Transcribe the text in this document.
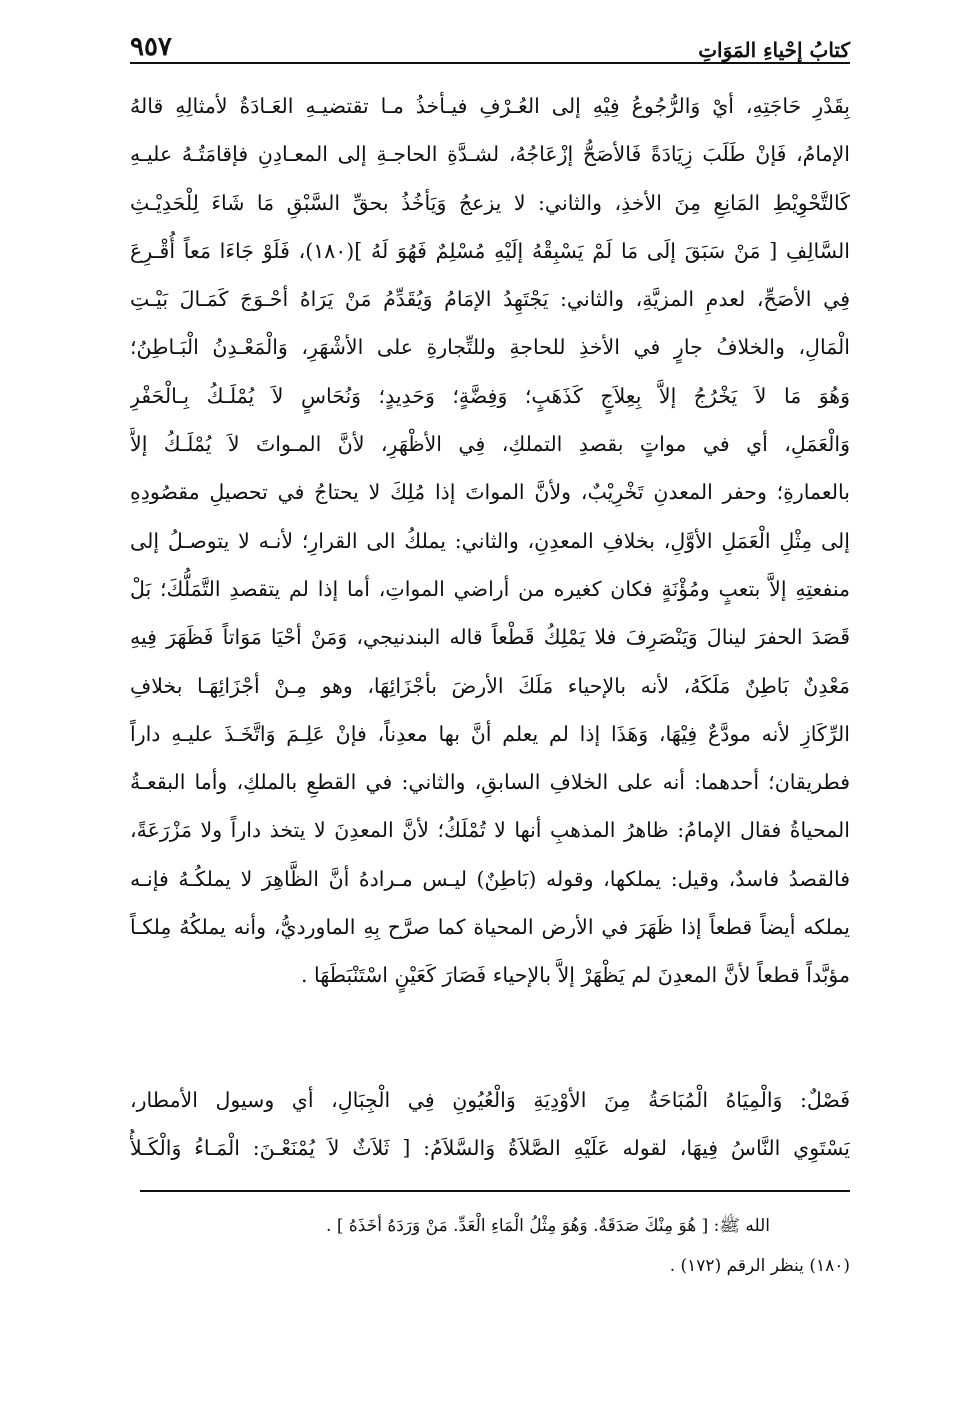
كتابُ إحْياءِ المَوَاتِ
٩٥٧
بِقَدْرِ حَاجَتِهِ، أيْ وَالرُّجُوعُ فِيْهِ إلى العُـرْفِ فيـأخذُ مـا تقتضيـهِ العَـادَةُ لأمثالِهِ قالهُ
الإمامُ، فَإنْ طَلَبَ زِيَادَةً فَالأصَحُّ إزْعَاجُهُ، لشـدَّةِ الحاجـةِ إلى المعـادِنِ فإقامَتُـهُ عليـهِ
كَالتَّحْوِيْطِ المَانِعِ مِنَ الأخذِ، والثاني: لا يزعجُ وَيَأخُذُ بحقِّ السَّبْقِ مَا شَاءَ لِلْحَدِيْـثِ
السَّالِفِ [ مَنْ سَبَقَ إلَى مَا لَمْ يَسْبِقْهُ إلَيْهِ مُسْلِمٌ فَهُوَ لَهُ ](١٨٠)، فَلَوْ جَاءَا مَعاً أُقْـرِعَ
فِي الأصَحِّ، لعدمِ المزيَّةِ، والثاني: يَجْتَهِدُ الإمَامُ وَيُقَدِّمُ مَنْ يَرَاهُ أحْـوَجَ كَمَـالَ بَيْـتِ
الْمَالِ، والخلافُ جارٍ في الأخذِ للحاجةِ وللتِّجارةِ على الأشْهَرِ، وَالْمَعْـدِنُ الْبَـاطِنُ؛
وَهُوَ مَا لاَ يَخْرُجُ إلاَّ بِعِلاَجٍ كَذَهَبٍ؛ وَفِضَّةٍ؛ وَحَدِيدٍ؛ وَنُحَاسٍ لاَ يُمْلَـكُ بِـالْحَفْرِ
وَالْعَمَلِ، أي في مواتٍ بقصدِ التملكِ، فِي الأظْهَرِ، لأنَّ المـواتَ لاَ يُمْلَـكُ إلاَّ
بالعمارةِ؛ وحفر المعدنِ تَخْرِيْبٌ، ولأنَّ المواتَ إذا مُلِكَ لا يحتاجُ في تحصيلِ مقصُودِهِ
إلى مِثْلِ الْعَمَلِ الأوَّلِ، بخلافِ المعدِنِ، والثاني: يملكُ الى القرارِ؛ لأنـه لا يتوصـلُ إلى
منفعتِهِ إلاَّ بتعبٍ ومُؤْنَةٍ فكان كغيره من أراضي المواتِ، أما إذا لم يتقصدِ التَّمَلُّكَ؛ بَلْ
قَصَدَ الحفرَ لينالَ وَيَنْصَرِفَ فلا يَمْلِكُ قَطْعاً قاله البندنيجي، وَمَنْ أحْيَا مَوَاتاً فَظَهَرَ فِيهِ
مَعْدِنٌ بَاطِنٌ مَلَكَهُ، لأنه بالإحياء مَلَكَ الأرضَ بأجْزَائِهَا، وهو مِـنْ أجْزَائِهَـا بخلافِ
الرِّكَازِ لأنه مودَّعٌ فِيْهَا، وَهَذَا إذا لم يعلم أنَّ بها معدِناً، فإنْ عَلِـمَ وَاتَّخَـذَ عليـهِ داراً
فطريقان؛ أحدهما: أنه على الخلافِ السابقِ، والثاني: في القطعِ بالملكِ، وأما البقعـةُ
المحياةُ فقال الإمامُ: ظاهرُ المذهبِ أنها لا تُمْلَكُ؛ لأنَّ المعدِنَ لا يتخذ داراً ولا مَزْرَعَةً،
فالقصدُ فاسدٌ، وقيل: يملكها، وقوله (بَاطِنٌ) ليـس مـرادهُ أنَّ الظَّاهِرَ لا يملكُـهُ فإنـه
يملكه أيضاً قطعاً إذا ظَهَرَ في الأرض المحياة كما صرَّح بِهِ الماورديُّ، وأنه يملكُهُ مِلكـاً
مؤبَّداً قطعاً لأنَّ المعدِنَ لم يَظْهَرْ إلاَّ بالإحياء فَصَارَ كَعَيْنٍ اسْتَنْبَطَهَا .
فَصْلٌ: وَالْمِيَاهُ الْمُبَاحَةُ مِنَ الأوْدِيَةِ وَالْعُيُونِ فِي الْجِبَالِ، أي وسيول الأمطار،
يَسْتَوِي النَّاسُ فِيهَا، لقوله عَلَيْهِ الصَّلاَةُ وَالسَّلاَمُ: [ ثَلاَثٌ لاَ يُمْنَعْـنَ: الْمَـاءُ وَالْكَـلأُ
الله ﷺ: [ هُوَ مِنْكَ صَدَقَةٌ. وَهُوَ مِثْلُ الْمَاءِ الْعَدِّ. مَنْ وَرَدَهُ أخَذَهُ ] .
(١٨٠) ينظر الرقم (١٧٢) .
